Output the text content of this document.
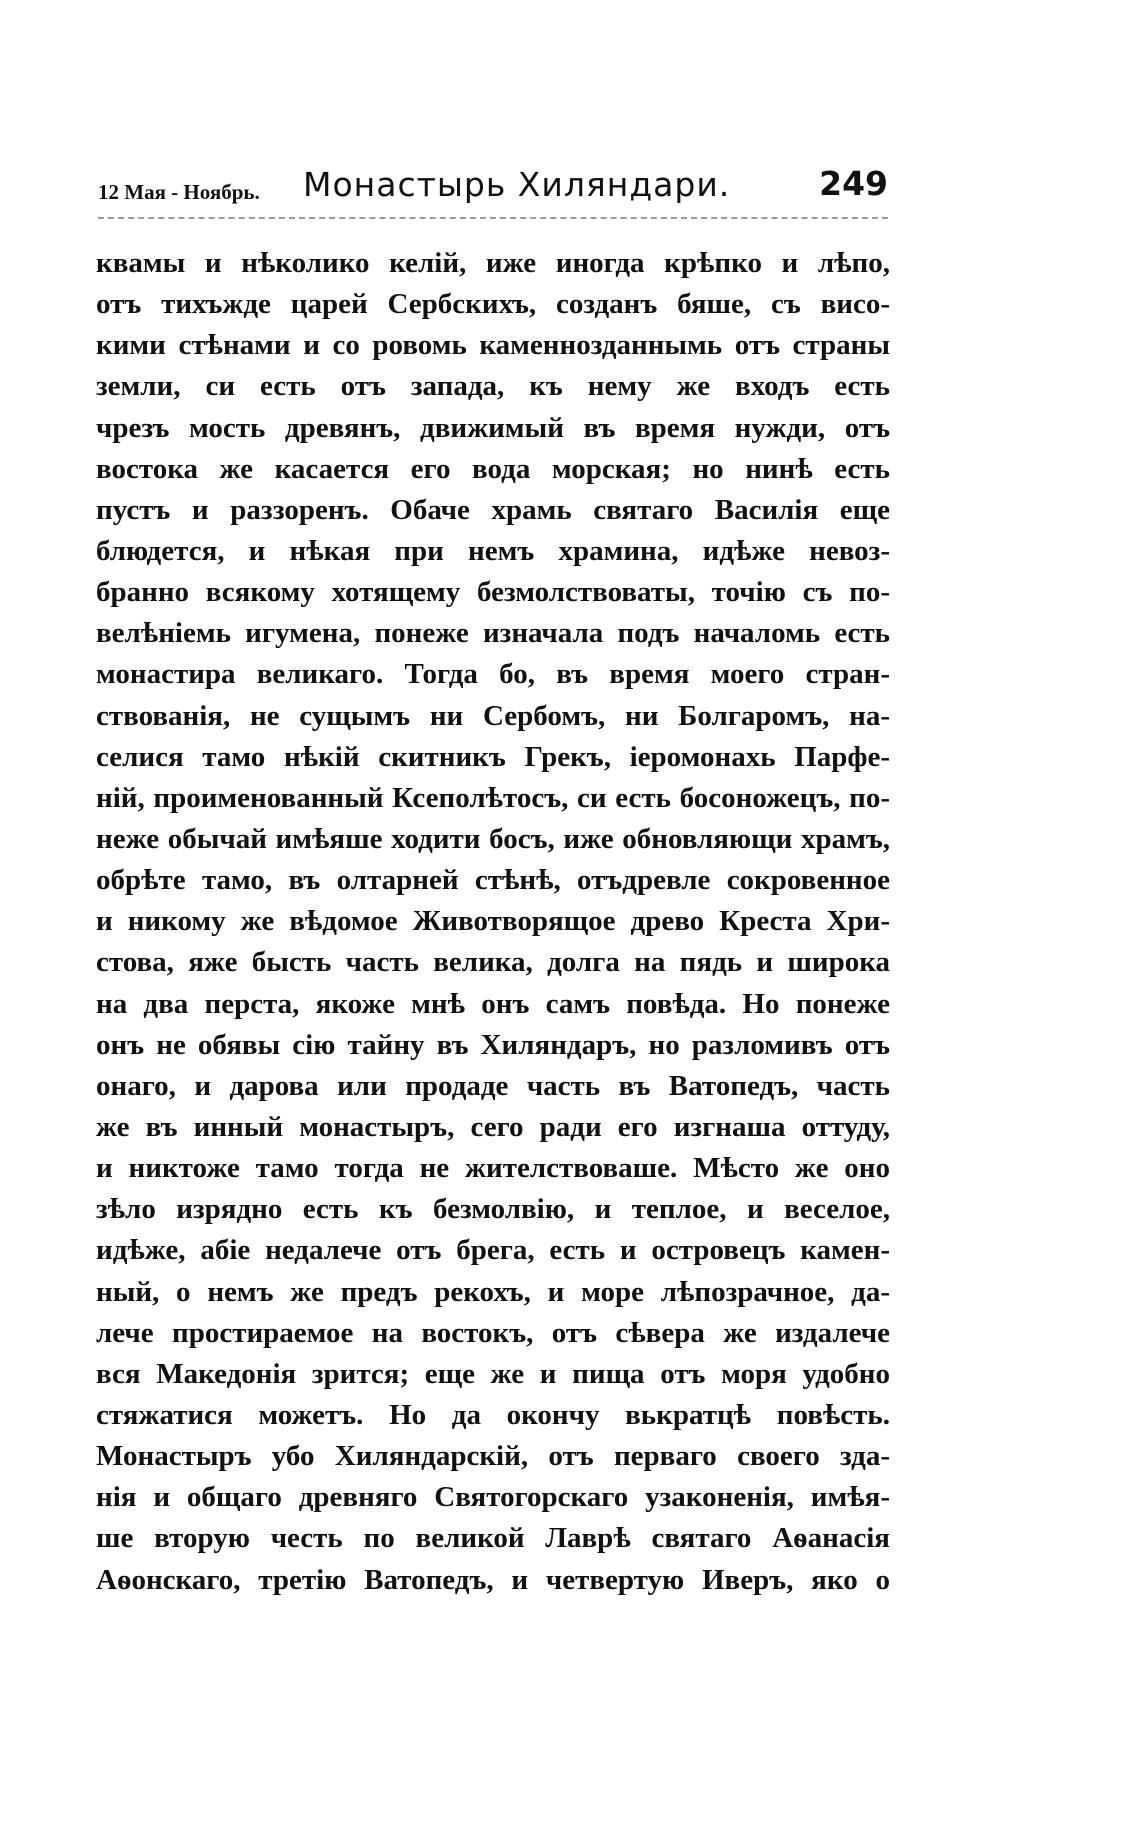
12 Мая - Ноябрь. Монастырь Хиляндари.	249
квамы и нѣколико келій, иже иногда крѣпко и лѣпо,
отъ тихъжде царей Сербскихъ, созданъ бяше, съ висо-
кими стѣнами и со ровомь каменнозданнымь отъ страны
земли, си есть отъ запада, къ нему же входъ есть
чрезъ мость древянъ, движимый въ время нужди, отъ
востока же касается его вода морская; но нинѣ есть
пустъ и раззоренъ. Обаче храмь святаго Василія еще
блюдется, и нѣкая при немъ храмина, идѣже невоз-
бранно всякому хотящему безмолствоваты, точію съ по-
велѣніемь игумена, понеже изначала подъ началомь есть
монастира великаго. Тогда бо, въ время моего стран-
ствованія, не сущымъ ни Сербомъ, ни Болгаромъ, на-
селися тамо нѣкій скитникъ Грекъ, іеромонахь Парфе-
ній, проименованный Ксеполѣтосъ, си есть босоножецъ, по-
неже обычай имѣяше ходити босъ, иже обновляющи храмъ,
обрѣте тамо, въ олтарней стѣнѣ, отъдревле сокровенное
и никому же вѣдомое Животворящое древо Креста Хри-
стова, яже бысть часть велика, долга на пядь и широка
на два перста, якоже мнѣ онъ самъ повѣда. Но понеже
онъ не обявы сію тайну въ Хиляндаръ, но разломивъ отъ
онаго, и дарова или продаде часть въ Ватопедъ, часть
же въ инный монастыръ, сего ради его изгнаша оттуду,
и никтоже тамо тогда не жителствоваше. Мѣсто же оно
зѣло изрядно есть къ безмолвію, и теплое, и веселое,
идѣже, абіе недалече отъ брега, есть и островецъ камен-
ный, о немъ же предъ рекохъ, и море лѣпозрачное, да-
лече простираемое на востокъ, отъ сѣвера же издалече
вся Македонія зрится; еще же и пища отъ моря удобно
стяжатися можетъ. Но да окончу вькратцѣ повѣсть.
Монастыръ убо Хиляндарскій, отъ перваго своего зда-
нія и общаго древняго Святогорскаго узаконенія, имѣя-
ше вторую честь по великой Лаврѣ святаго Аѳанасія
Аѳонскаго, третію Ватопедъ, и четвертую Иверъ, яко о
